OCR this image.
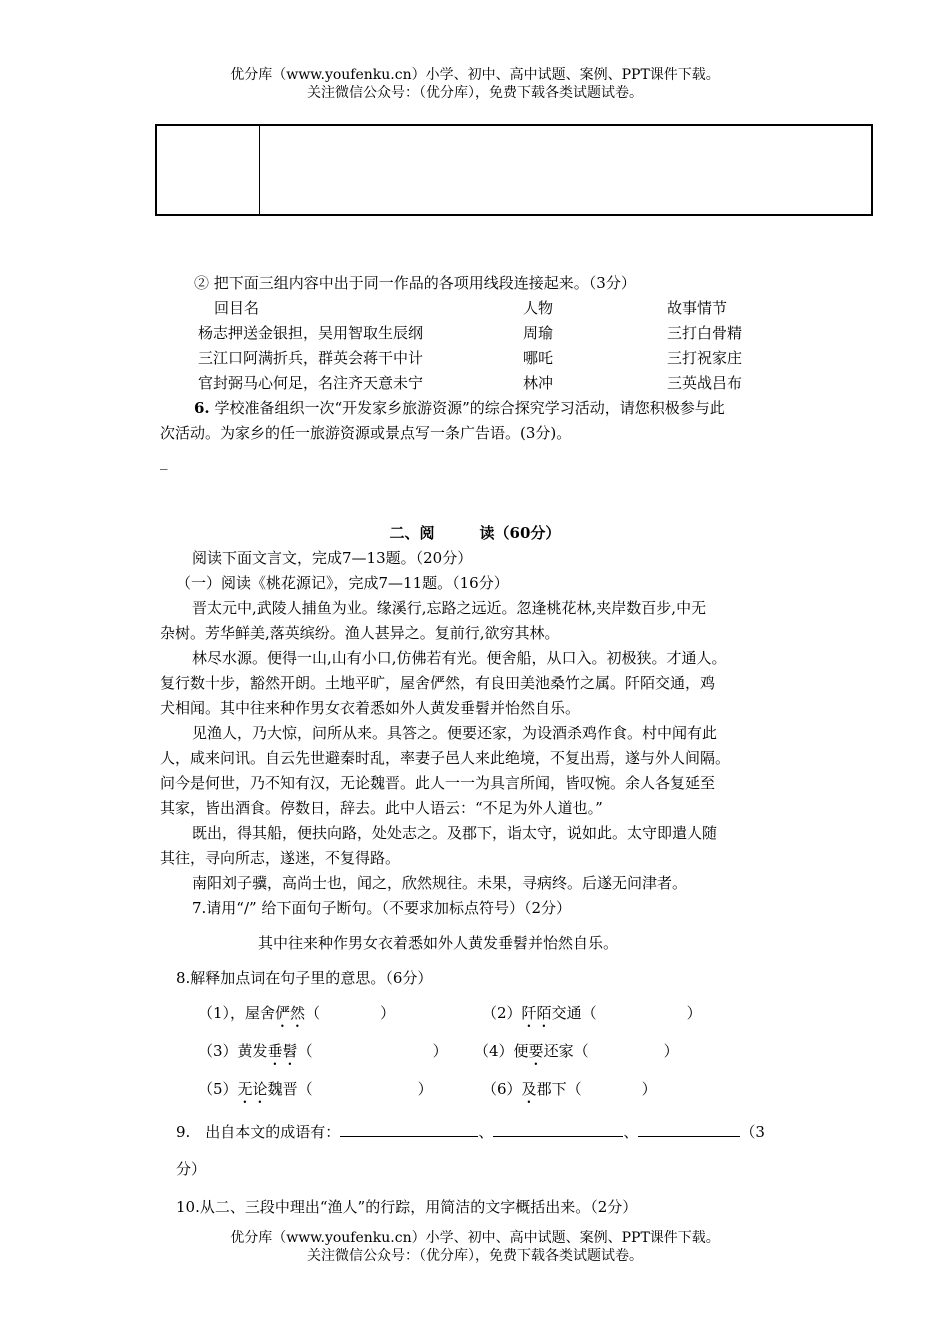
优分库（www.youfenku.cn）小学、初中、高中试题、案例、PPT课件下载。
关注微信公众号：（优分库），免费下载各类试题试卷。
② 把下面三组内容中出于同一作品的各项用线段连接起来。（3分）
回目名	人物	故事情节
杨志押送金银担，吴用智取生辰纲	周瑜	三打白骨精
三江口阿满折兵，群英会蒋干中计	哪吒	三打祝家庄
官封弼马心何足，名注齐天意未宁	林冲	三英战吕布
6. 学校准备组织一次“开发家乡旅游资源”的综合探究学习活动，请您积极参与此
次活动。为家乡的任一旅游资源或景点写一条广告语。(3分)。
_
二、阅　　　读（60分）
阅读下面文言文，完成7—13题。（20分）
（一）阅读《桃花源记》，完成7—11题。（16分）
晋太元中,武陵人捕鱼为业。缘溪行,忘路之远近。忽逢桃花林,夹岸数百步,中无
杂树。芳华鲜美,落英缤纷。渔人甚异之。复前行,欲穷其林。
林尽水源。便得一山,山有小口,仿佛若有光。便舍船，从口入。初极狭。才通人。
复行数十步，豁然开朗。土地平旷，屋舍俨然，有良田美池桑竹之属。阡陌交通，鸡
犬相闻。其中往来种作男女衣着悉如外人黄发垂髫并怡然自乐。
见渔人，乃大惊，问所从来。具答之。便要还家，为设酒杀鸡作食。村中闻有此
人，咸来问讯。自云先世避秦时乱，率妻子邑人来此绝境，不复出焉，遂与外人间隔。
问今是何世，乃不知有汉，无论魏晋。此人一一为具言所闻，皆叹惋。余人各复延至
其家，皆出酒食。停数日，辞去。此中人语云：“不足为外人道也。”
既出，得其船，便扶向路，处处志之。及郡下，诣太守，说如此。太守即遣人随
其往，寻向所志，遂迷，不复得路。
南阳刘子骥，高尚士也，闻之，欣然规往。未果，寻病终。后遂无问津者。
7.请用“/” 给下面句子断句。（不要求加标点符号）（2分）
其中往来种作男女衣着悉如外人黄发垂髫并怡然自乐。
8.解释加点词在句子里的意思。（6分）
（1），屋舍俨然（　　　　）	（2）阡陌交通（　　　　　　）
（3）黄发垂髫（　　　　　　　　） （4）便要还家（　　　　　）
（5）无论魏晋（　　　　　　　）	（6）及郡下（　　　　）
9.　出自本文的成语有：	、	、	（3
分）
10.从二、三段中理出“渔人”的行踪，用简洁的文字概括出来。（2分）
优分库（www.youfenku.cn）小学、初中、高中试题、案例、PPT课件下载。
关注微信公众号：（优分库），免费下载各类试题试卷。
